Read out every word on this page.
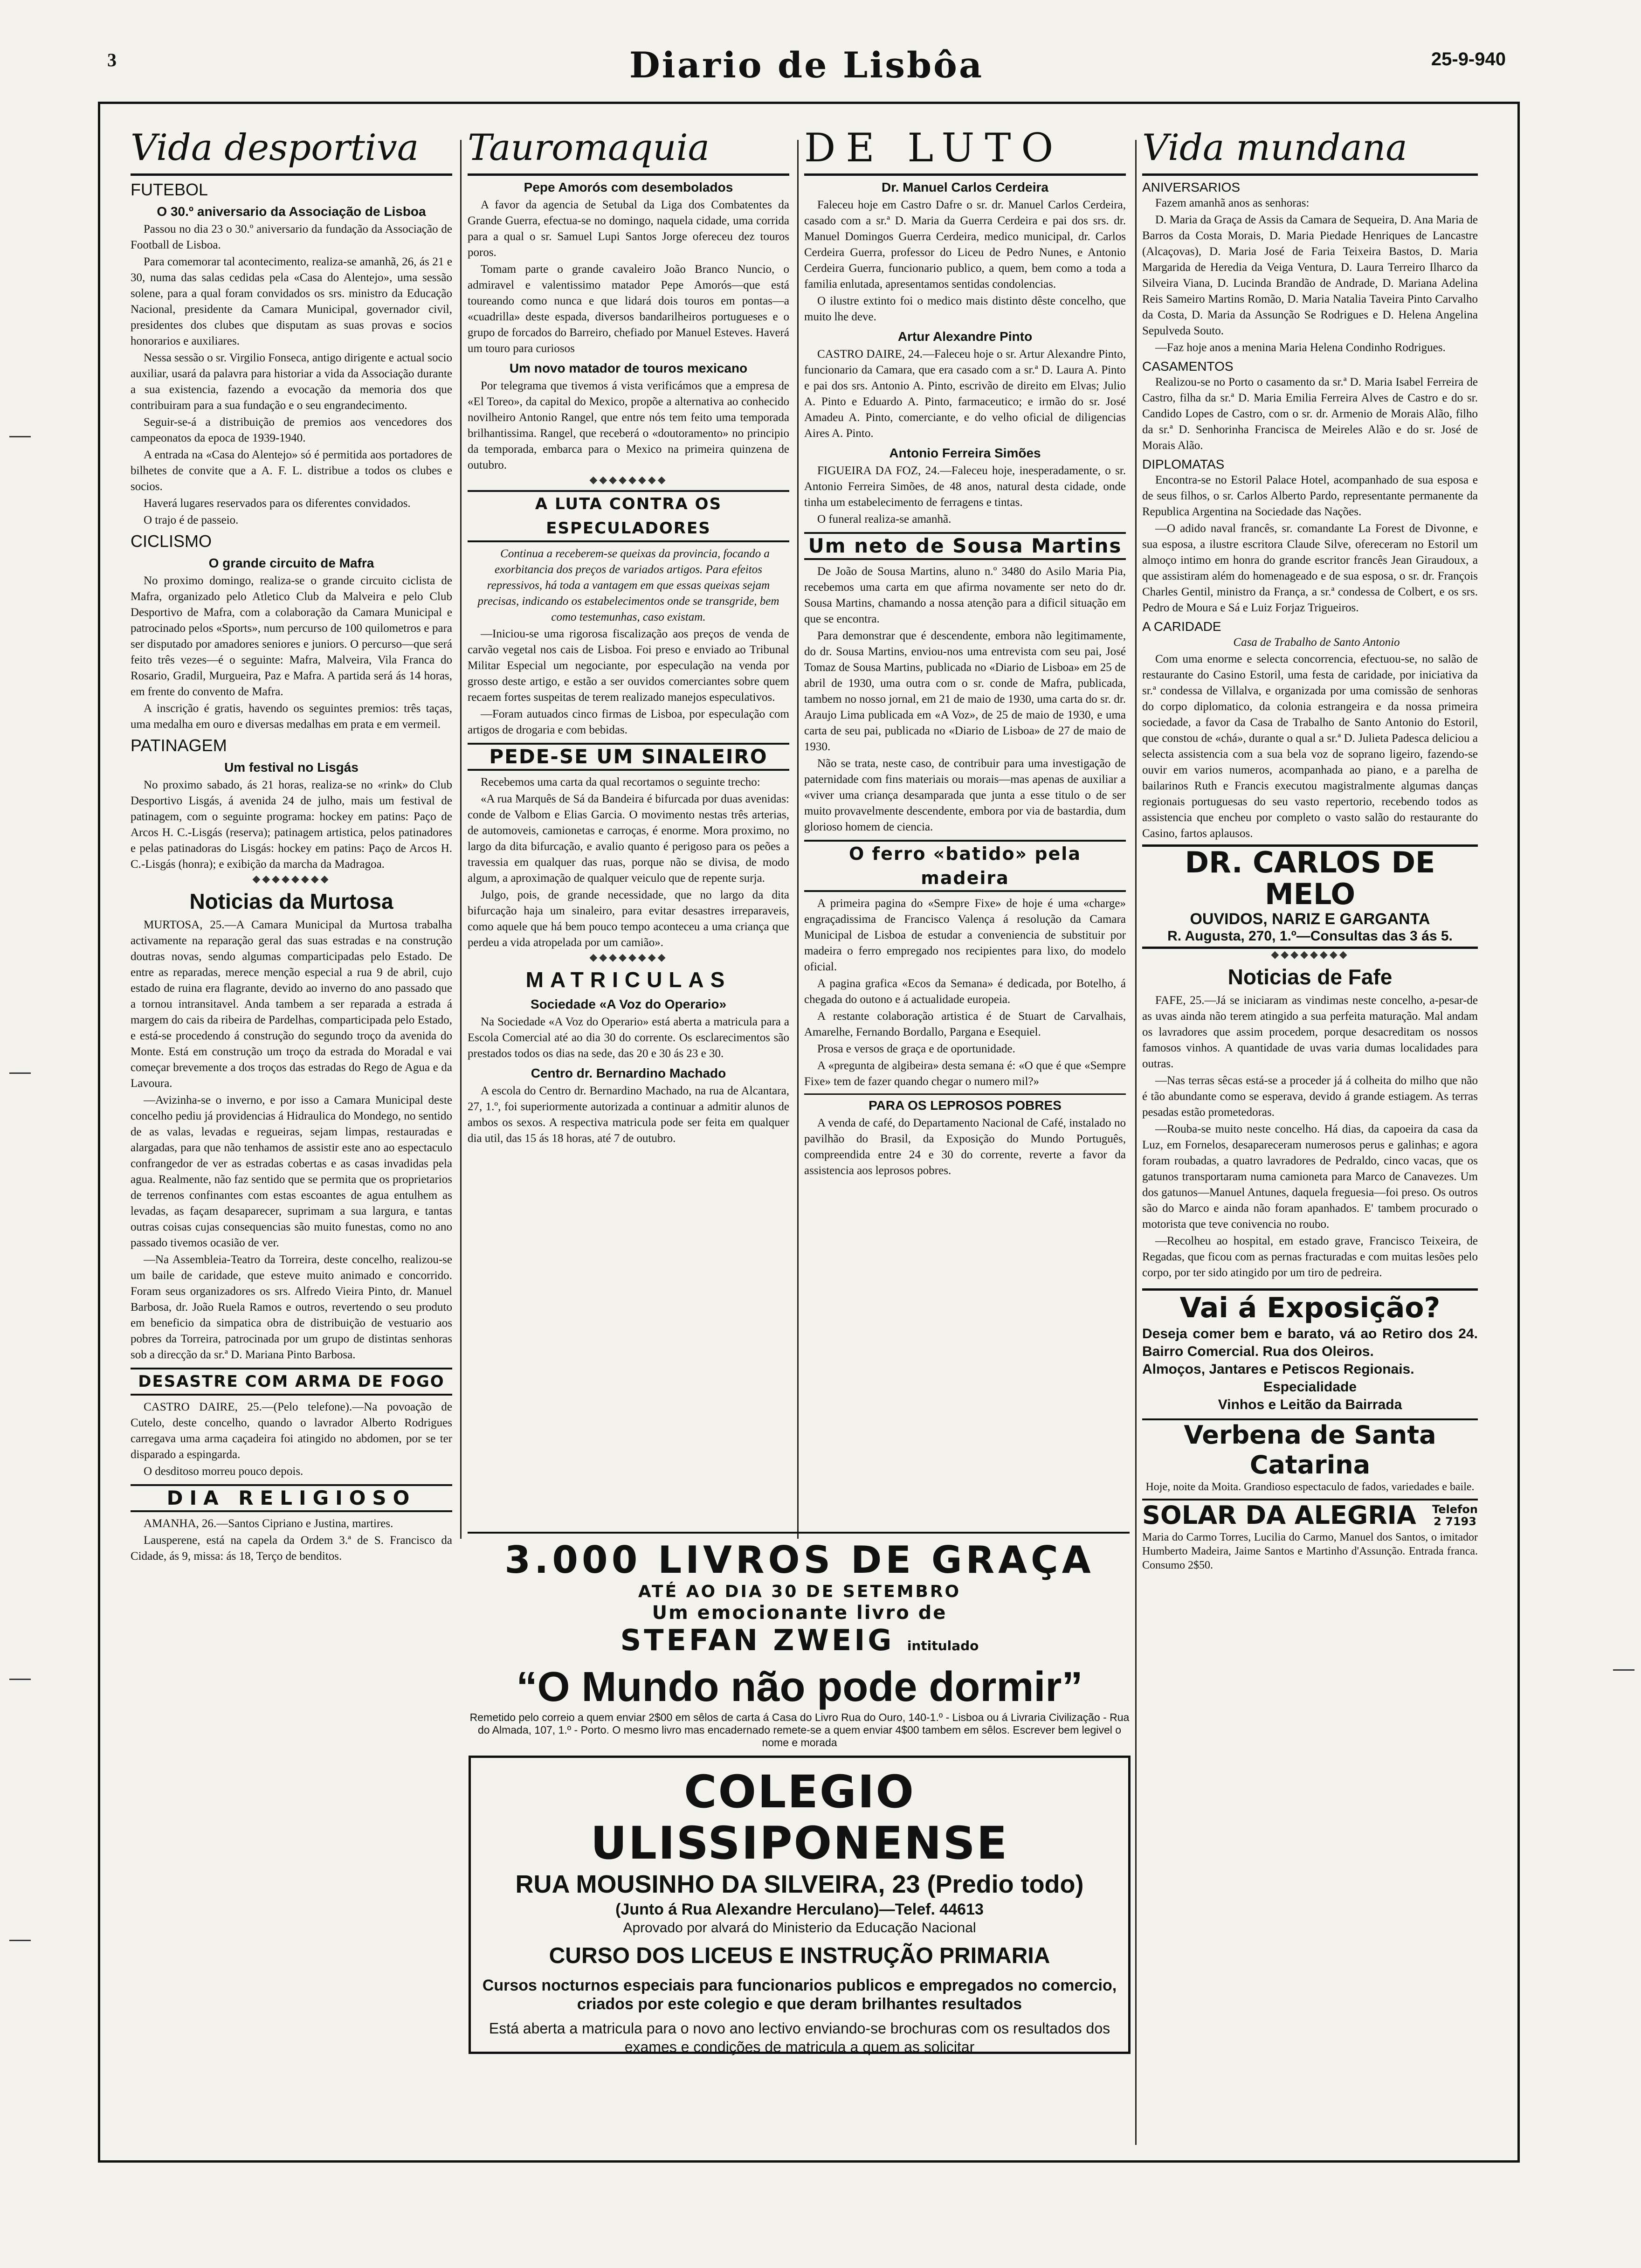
3	Diario de Lisbôa	25-9-940
Vida desportiva
FUTEBOL
O 30.º aniversario da Associação de Lisboa

Passou no dia 23 o 30.º aniversario da fundação da Associação de Football de Lisboa.

Para comemorar tal acontecimento, realiza-se amanhã, 26, ás 21 e 30, numa das salas cedidas pela «Casa do Alentejo», uma sessão solene, para a qual foram convidados os srs. ministro da Educação Nacional, presidente da Camara Municipal, governador civil, presidentes dos clubes que disputam as suas provas e socios honorarios e auxiliares.

Nessa sessão o sr. Virgilio Fonseca, antigo dirigente e actual socio auxiliar, usará da palavra para historiar a vida da Associação durante a sua existencia, fazendo a evocação da memoria dos que contribuiram para a sua fundação e o seu engrandecimento.

Seguir-se-á a distribuição de premios aos vencedores dos campeonatos da epoca de 1939-1940.

A entrada na «Casa do Alentejo» só é permitida aos portadores de bilhetes de convite que a A. F. L. distribue a todos os clubes e socios.

Haverá lugares reservados para os diferentes convidados.

O trajo é de passeio.

CICLISMO
O grande circuito de Mafra

No proximo domingo, realiza-se o grande circuito ciclista de Mafra, organizado pelo Atletico Club da Malveira e pelo Club Desportivo de Mafra, com a colaboração da Camara Municipal e patrocinado pelos «Sports», num percurso de 100 quilometros e para ser disputado por amadores seniores e juniors. O percurso—que será feito três vezes—é o seguinte: Mafra, Malveira, Vila Franca do Rosario, Gradil, Murgueira, Paz e Mafra. A partida será ás 14 horas, em frente do convento de Mafra.

A inscrição é gratis, havendo os seguintes premios: três taças, uma medalha em ouro e diversas medalhas em prata e em vermeil.

PATINAGEM
Um festival no Lisgás

No proximo sabado, ás 21 horas, realiza-se no «rink» do Club Desportivo Lisgás, á avenida 24 de julho, mais um festival de patinagem, com o seguinte programa: hockey em patins: Paço de Arcos H. C.-Lisgás (reserva); patinagem artistica, pelos patinadores e pelas patinadoras do Lisgás: hockey em patins: Paço de Arcos H. C.-Lisgás (honra); e exibição da marcha da Madragoa.

◆◆◆◆◆◆◆◆
Noticias da Murtosa

MURTOSA, 25.—A Camara Municipal da Murtosa trabalha activamente na reparação geral das suas estradas e na construção doutras novas, sendo algumas comparticipadas pelo Estado. De entre as reparadas, merece menção especial a rua 9 de abril, cujo estado de ruina era flagrante, devido ao inverno do ano passado que a tornou intransitavel. Anda tambem a ser reparada a estrada á margem do cais da ribeira de Pardelhas, comparticipada pelo Estado, e está-se procedendo á construção do segundo troço da avenida do Monte. Está em construção um troço da estrada do Moradal e vai começar brevemente a dos troços das estradas do Rego de Agua e da Lavoura.

—Avizinha-se o inverno, e por isso a Camara Municipal deste concelho pediu já providencias á Hidraulica do Mondego, no sentido de as valas, levadas e regueiras, sejam limpas, restauradas e alargadas, para que não tenhamos de assistir este ano ao espectaculo confrangedor de ver as estradas cobertas e as casas invadidas pela agua. Realmente, não faz sentido que se permita que os proprietarios de terrenos confinantes com estas escoantes de agua entulhem as levadas, as façam desaparecer, suprimam a sua largura, e tantas outras coisas cujas consequencias são muito funestas, como no ano passado tivemos ocasião de ver.

—Na Assembleia-Teatro da Torreira, deste concelho, realizou-se um baile de caridade, que esteve muito animado e concorrido. Foram seus organizadores os srs. Alfredo Vieira Pinto, dr. Manuel Barbosa, dr. João Ruela Ramos e outros, revertendo o seu produto em beneficio da simpatica obra de distribuição de vestuario aos pobres da Torreira, patrocinada por um grupo de distintas senhoras sob a direcção da sr.ª D. Mariana Pinto Barbosa.

DESASTRE COM ARMA DE FOGO

CASTRO DAIRE, 25.—(Pelo telefone).—Na povoação de Cutelo, deste concelho, quando o lavrador Alberto Rodrigues carregava uma arma caçadeira foi atingido no abdomen, por se ter disparado a espingarda.

O desditoso morreu pouco depois.

DIA RELIGIOSO

AMANHA, 26.—Santos Cipriano e Justina, martires.

Lausperene, está na capela da Ordem 3.ª de S. Francisco da Cidade, ás 9, missa: ás 18, Terço de benditos.

Tauromaquia
Pepe Amorós com desembolados

A favor da agencia de Setubal da Liga dos Combatentes da Grande Guerra, efectua-se no domingo, naquela cidade, uma corrida para a qual o sr. Samuel Lupi Santos Jorge ofereceu dez touros poros.

Tomam parte o grande cavaleiro João Branco Nuncio, o admiravel e valentissimo matador Pepe Amorós—que está toureando como nunca e que lidará dois touros em pontas—a «cuadrilla» deste espada, diversos bandarilheiros portugueses e o grupo de forcados do Barreiro, chefiado por Manuel Esteves. Haverá um touro para curiosos

Um novo matador de touros mexicano

Por telegrama que tivemos á vista verificámos que a empresa de «El Toreo», da capital do Mexico, propõe a alternativa ao conhecido novilheiro Antonio Rangel, que entre nós tem feito uma temporada brilhantissima. Rangel, que receberá o «doutoramento» no principio da temporada, embarca para o Mexico na primeira quinzena de outubro.

◆◆◆◆◆◆◆◆
A LUTA CONTRA OS ESPECULADORES

Continua a receberem-se queixas da provincia, focando a exorbitancia dos preços de variados artigos. Para efeitos repressivos, há toda a vantagem em que essas queixas sejam precisas, indicando os estabelecimentos onde se transgride, bem como testemunhas, caso existam.

—Iniciou-se uma rigorosa fiscalização aos preços de venda de carvão vegetal nos cais de Lisboa. Foi preso e enviado ao Tribunal Militar Especial um negociante, por especulação na venda por grosso deste artigo, e estão a ser ouvidos comerciantes sobre quem recaem fortes suspeitas de terem realizado manejos especulativos.

—Foram autuados cinco firmas de Lisboa, por especulação com artigos de drogaria e com bebidas.

PEDE-SE UM SINALEIRO

Recebemos uma carta da qual recortamos o seguinte trecho:

«A rua Marquês de Sá da Bandeira é bifurcada por duas avenidas: conde de Valbom e Elias Garcia. O movimento nestas três arterias, de automoveis, camionetas e carroças, é enorme. Mora proximo, no largo da dita bifurcação, e avalio quanto é perigoso para os peões a travessia em qualquer das ruas, porque não se divisa, de modo algum, a aproximação de qualquer veiculo que de repente surja.

Julgo, pois, de grande necessidade, que no largo da dita bifurcação haja um sinaleiro, para evitar desastres irreparaveis, como aquele que há bem pouco tempo aconteceu a uma criança que perdeu a vida atropelada por um camião».

◆◆◆◆◆◆◆◆
MATRICULAS
Sociedade «A Voz do Operario»

Na Sociedade «A Voz do Operario» está aberta a matricula para a Escola Comercial até ao dia 30 do corrente. Os esclarecimentos são prestados todos os dias na sede, das 20 e 30 ás 23 e 30.

Centro dr. Bernardino Machado

A escola do Centro dr. Bernardino Machado, na rua de Alcantara, 27, 1.º, foi superiormente autorizada a continuar a admitir alunos de ambos os sexos. A respectiva matricula pode ser feita em qualquer dia util, das 15 ás 18 horas, até 7 de outubro.

DE LUTO
Dr. Manuel Carlos Cerdeira

Faleceu hoje em Castro Dafre o sr. dr. Manuel Carlos Cerdeira, casado com a sr.ª D. Maria da Guerra Cerdeira e pai dos srs. dr. Manuel Domingos Guerra Cerdeira, medico municipal, dr. Carlos Cerdeira Guerra, professor do Liceu de Pedro Nunes, e Antonio Cerdeira Guerra, funcionario publico, a quem, bem como a toda a familia enlutada, apresentamos sentidas condolencias.

O ilustre extinto foi o medico mais distinto dêste concelho, que muito lhe deve.

Artur Alexandre Pinto

CASTRO DAIRE, 24.—Faleceu hoje o sr. Artur Alexandre Pinto, funcionario da Camara, que era casado com a sr.ª D. Laura A. Pinto e pai dos srs. Antonio A. Pinto, escrivão de direito em Elvas; Julio A. Pinto e Eduardo A. Pinto, farmaceutico; e irmão do sr. José Amadeu A. Pinto, comerciante, e do velho oficial de diligencias Aires A. Pinto.

Antonio Ferreira Simões

FIGUEIRA DA FOZ, 24.—Faleceu hoje, inesperadamente, o sr. Antonio Ferreira Simões, de 48 anos, natural desta cidade, onde tinha um estabelecimento de ferragens e tintas.

O funeral realiza-se amanhã.

Um neto de Sousa Martins

De João de Sousa Martins, aluno n.º 3480 do Asilo Maria Pia, recebemos uma carta em que afirma novamente ser neto do dr. Sousa Martins, chamando a nossa atenção para a dificil situação em que se encontra.

Para demonstrar que é descendente, embora não legitimamente, do dr. Sousa Martins, enviou-nos uma entrevista com seu pai, José Tomaz de Sousa Martins, publicada no «Diario de Lisboa» em 25 de abril de 1930, uma outra com o sr. conde de Mafra, publicada, tambem no nosso jornal, em 21 de maio de 1930, uma carta do sr. dr. Araujo Lima publicada em «A Voz», de 25 de maio de 1930, e uma carta de seu pai, publicada no «Diario de Lisboa» de 27 de maio de 1930.

Não se trata, neste caso, de contribuir para uma investigação de paternidade com fins materiais ou morais—mas apenas de auxiliar a «viver uma criança desamparada que junta a esse titulo o de ser muito provavelmente descendente, embora por via de bastardia, dum glorioso homem de ciencia.

O ferro «batido» pela madeira

A primeira pagina do «Sempre Fixe» de hoje é uma «charge» engraçadissima de Francisco Valença á resolução da Camara Municipal de Lisboa de estudar a conveniencia de substituir por madeira o ferro empregado nos recipientes para lixo, do modelo oficial.

A pagina grafica «Ecos da Semana» é dedicada, por Botelho, á chegada do outono e á actualidade europeia.

A restante colaboração artistica é de Stuart de Carvalhais, Amarelhe, Fernando Bordallo, Pargana e Esequiel.

Prosa e versos de graça e de oportunidade.

A «pregunta de algibeira» desta semana é: «O que é que «Sempre Fixe» tem de fazer quando chegar o numero mil?»

PARA OS LEPROSOS POBRES

A venda de café, do Departamento Nacional de Café, instalado no pavilhão do Brasil, da Exposição do Mundo Português, compreendida entre 24 e 30 do corrente, reverte a favor da assistencia aos leprosos pobres.

Vida mundana
ANIVERSARIOS

Fazem amanhã anos as senhoras:

D. Maria da Graça de Assis da Camara de Sequeira, D. Ana Maria de Barros da Costa Morais, D. Maria Piedade Henriques de Lancastre (Alcaçovas), D. Maria José de Faria Teixeira Bastos, D. Maria Margarida de Heredia da Veiga Ventura, D. Laura Terreiro Ilharco da Silveira Viana, D. Lucinda Brandão de Andrade, D. Mariana Adelina Reis Sameiro Martins Romão, D. Maria Natalia Taveira Pinto Carvalho da Costa, D. Maria da Assunção Se Rodrigues e D. Helena Angelina Sepulveda Souto.

—Faz hoje anos a menina Maria Helena Condinho Rodrigues.

CASAMENTOS

Realizou-se no Porto o casamento da sr.ª D. Maria Isabel Ferreira de Castro, filha da sr.ª D. Maria Emilia Ferreira Alves de Castro e do sr. Candido Lopes de Castro, com o sr. dr. Armenio de Morais Alão, filho da sr.ª D. Senhorinha Francisca de Meireles Alão e do sr. José de Morais Alão.

DIPLOMATAS

Encontra-se no Estoril Palace Hotel, acompanhado de sua esposa e de seus filhos, o sr. Carlos Alberto Pardo, representante permanente da Republica Argentina na Sociedade das Nações.

—O adido naval francês, sr. comandante La Forest de Divonne, e sua esposa, a ilustre escritora Claude Silve, ofereceram no Estoril um almoço intimo em honra do grande escritor francês Jean Giraudoux, a que assistiram além do homenageado e de sua esposa, o sr. dr. François Charles Gentil, ministro da França, a sr.ª condessa de Colbert, e os srs. Pedro de Moura e Sá e Luiz Forjaz Trigueiros.

A CARIDADE

Casa de Trabalho de Santo Antonio

Com uma enorme e selecta concorrencia, efectuou-se, no salão de restaurante do Casino Estoril, uma festa de caridade, por iniciativa da sr.ª condessa de Villalva, e organizada por uma comissão de senhoras do corpo diplomatico, da colonia estrangeira e da nossa primeira sociedade, a favor da Casa de Trabalho de Santo Antonio do Estoril, que constou de «chá», durante o qual a sr.ª D. Julieta Padesca deliciou a selecta assistencia com a sua bela voz de soprano ligeiro, fazendo-se ouvir em varios numeros, acompanhada ao piano, e a parelha de bailarinos Ruth e Francis executou magistralmente algumas danças regionais portuguesas do seu vasto repertorio, recebendo todos as assistencia que encheu por completo o vasto salão do restaurante do Casino, fartos aplausos.

DR. CARLOS DE MELO
OUVIDOS, NARIZ E GARGANTA
R. Augusta, 270, 1.º—Consultas das 3 ás 5.
◆◆◆◆◆◆◆◆
Noticias de Fafe

FAFE, 25.—Já se iniciaram as vindimas neste concelho, a-pesar-de as uvas ainda não terem atingido a sua perfeita maturação. Mal andam os lavradores que assim procedem, porque desacreditam os nossos famosos vinhos. A quantidade de uvas varia dumas localidades para outras.

—Nas terras sêcas está-se a proceder já á colheita do milho que não é tão abundante como se esperava, devido á grande estiagem. As terras pesadas estão prometedoras.

—Rouba-se muito neste concelho. Há dias, da capoeira da casa da Luz, em Fornelos, desapareceram numerosos perus e galinhas; e agora foram roubadas, a quatro lavradores de Pedraldo, cinco vacas, que os gatunos transportaram numa camioneta para Marco de Canavezes. Um dos gatunos—Manuel Antunes, daquela freguesia—foi preso. Os outros são do Marco e ainda não foram apanhados. E' tambem procurado o motorista que teve conivencia no roubo.

—Recolheu ao hospital, em estado grave, Francisco Teixeira, de Regadas, que ficou com as pernas fracturadas e com muitas lesões pelo corpo, por ter sido atingido por um tiro de pedreira.

Vai á Exposição?
Deseja comer bem e barato, vá ao Retiro dos 24. Bairro Comercial. Rua dos Oleiros.
Almoços, Jantares e Petiscos Regionais.
Especialidade
Vinhos e Leitão da Bairrada
Verbena de Santa Catarina
Hoje, noite da Moita. Grandioso espectaculo de fados, variedades e baile.
SOLAR DA ALEGRIA Telefon
2 7193
Maria do Carmo Torres, Lucilia do Carmo, Manuel dos Santos, o imitador Humberto Madeira, Jaime Santos e Martinho d'Assunção. Entrada franca. Consumo 2$50.
3.000 LIVROS DE GRAÇA
ATÉ AO DIA 30 DE SETEMBRO
Um emocionante livro de
STEFAN ZWEIG intitulado
“O Mundo não pode dormir”
Remetido pelo correio a quem enviar 2$00 em sêlos de carta á Casa do Livro Rua do Ouro, 140-1.º - Lisboa ou á Livraria Civilização - Rua do Almada, 107, 1.º - Porto. O mesmo livro mas encadernado remete-se a quem enviar 4$00 tambem em sêlos. Escrever bem legivel o nome e morada
COLEGIO ULISSIPONENSE
RUA MOUSINHO DA SILVEIRA, 23 (Predio todo)
(Junto á Rua Alexandre Herculano)—Telef. 44613
Aprovado por alvará do Ministerio da Educação Nacional
CURSO DOS LICEUS E INSTRUÇÃO PRIMARIA
Cursos nocturnos especiais para funcionarios publicos e empregados no comercio, criados por este colegio e que deram brilhantes resultados
Está aberta a matricula para o novo ano lectivo enviando-se brochuras com os resultados dos exames e condições de matricula a quem as solicitar
